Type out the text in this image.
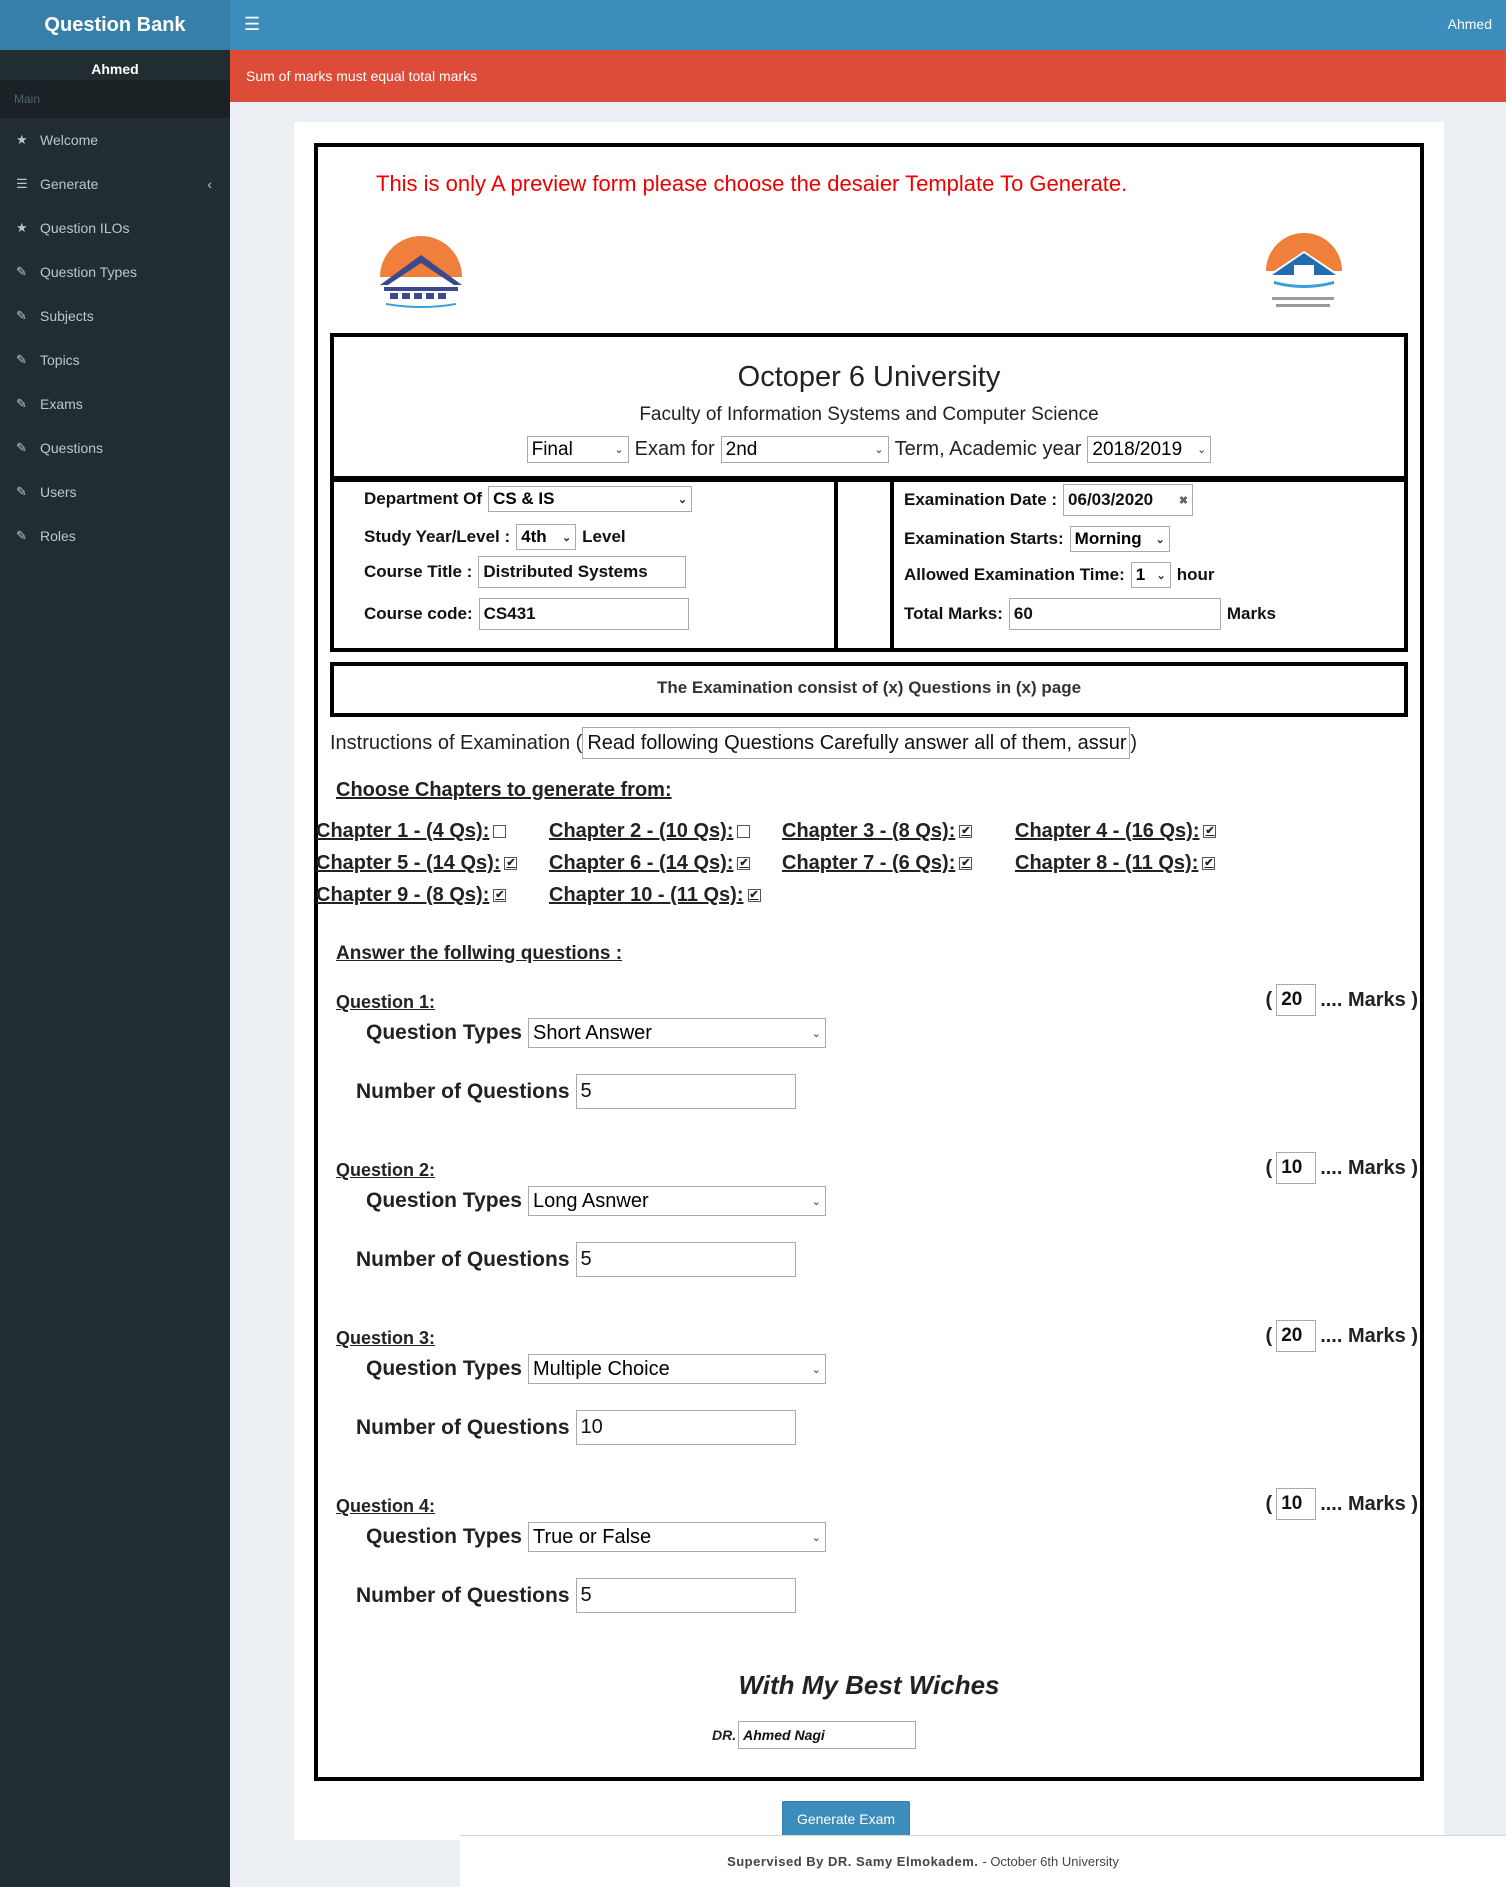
Question Bank
Ahmed
Main
★ Welcome
☰ Generate	‹
★ Question ILOs
✎ Question Types
✎ Subjects
✎ Topics
✎ Exams
✎ Questions
✎ Users
✎ Roles
☰	Ahmed
Sum of marks must equal total marks
This is only A preview form please choose the desaier Template To Generate.
Octoper 6 University
Faculty of Information Systems and Computer Science
Final	⌄ Exam for 2nd	⌄ Term, Academic year 2018/2019 ⌄
Department Of CS & IS	⌄
Study Year/Level : 4th ⌄ Level
Course Title : Distributed Systems
Course code: CS431
Examination Date : 06/03/2020 ✖
Examination Starts: Morning ⌄
Allowed Examination Time: 1 ⌄ hour
Total Marks: 60	Marks
The Examination consist of (x) Questions in (x) page
Instructions of Examination ( Read following Questions Carefully answer all of them, assur )
Choose Chapters to generate from:
Chapter 1 - (4 Qs):	Chapter 2 - (10 Qs): Chapter 3 - (8 Qs): ✔ Chapter 4 - (16 Qs): ✔
Chapter 5 - (14 Qs): ✔ Chapter 6 - (14 Qs): ✔ Chapter 7 - (6 Qs): ✔ Chapter 8 - (11 Qs): ✔
Chapter 9 - (8 Qs): ✔ Chapter 10 - (11 Qs): ✔
Answer the follwing questions :
Question 1:	( 20 .... Marks )
Question Types Short Answer	⌄
Number of Questions 5
Question 2:	( 10 .... Marks )
Question Types Long Asnwer	⌄
Number of Questions 5
Question 3:	( 20 .... Marks )
Question Types Multiple Choice	⌄
Number of Questions 10
Question 4:	( 10 .... Marks )
Question Types True or False	⌄
Number of Questions 5
With My Best Wiches
DR. Ahmed Nagi
Generate Exam
Supervised By DR. Samy Elmokadem. - October 6th University
